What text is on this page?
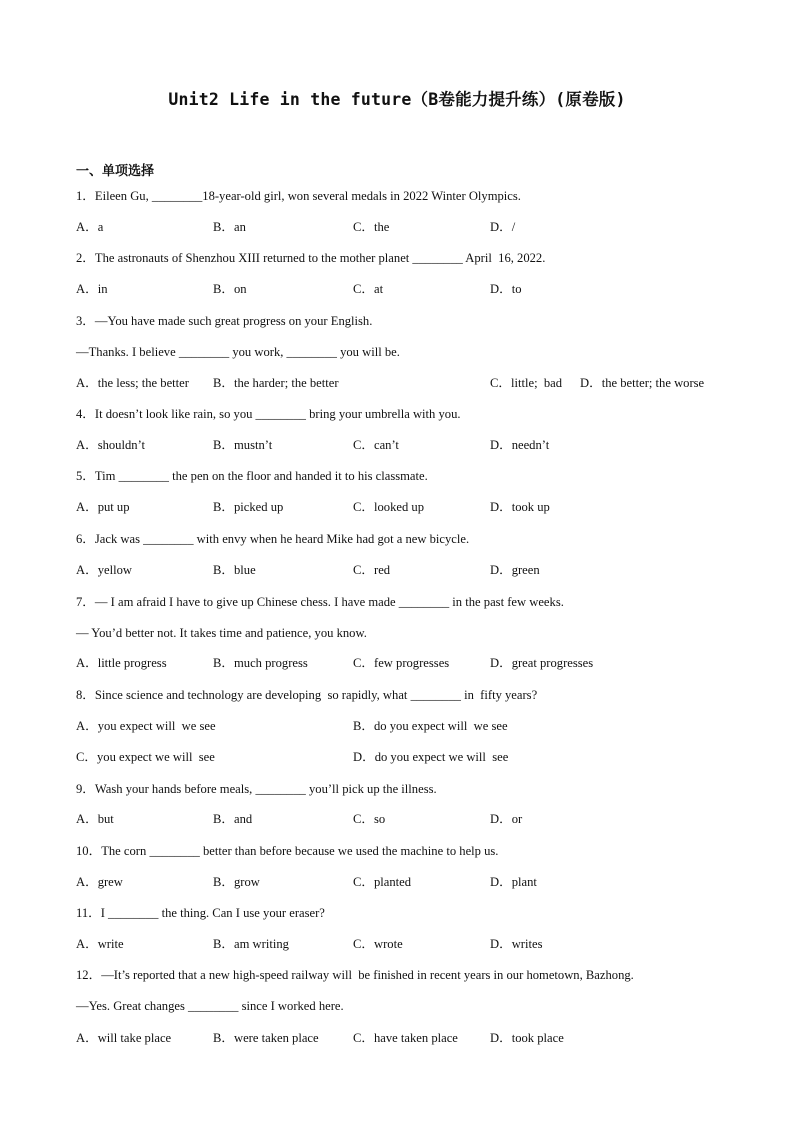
Unit2 Life in the future（B卷能力提升练）(原卷版)
一、单项选择
1．Eileen Gu, ________18-year-old girl, won several medals in 2022 Winter Olympics.
A．a	B．an	C．the	D．/
2．The astronauts of Shenzhou XIII returned to the mother planet ________ April  16, 2022.
A．in	B．on	C．at	D．to
3．—You have made such great progress on your English.
—Thanks. I believe ________ you work, ________ you will be.
A．the less; the better B．the harder; the better	C．little;  bad D．the better; the worse
4．It doesn’t look like rain, so you ________ bring your umbrella with you.
A．shouldn’t	B．mustn’t	C．can’t	D．needn’t
5．Tim ________ the pen on the floor and handed it to his classmate.
A．put up	B．picked up	C．looked up	D．took up
6．Jack was ________ with envy when he heard Mike had got a new bicycle.
A．yellow	B．blue	C．red	D．green
7．— I am afraid I have to give up Chinese chess. I have made ________ in the past few weeks.
— You’d better not. It takes time and patience, you know.
A．little progress	B．much progress	C．few progresses	D．great progresses
8．Since science and technology are developing  so rapidly, what ________ in  fifty years?
A．you expect will  we see	B．do you expect will  we see
C．you expect we will  see	D．do you expect we will  see
9．Wash your hands before meals, ________ you’ll pick up the illness.
A．but	B．and	C．so	D．or
10．The corn ________ better than before because we used the machine to help us.
A．grew	B．grow	C．planted	D．plant
11．I ________ the thing. Can I use your eraser?
A．write	B．am writing	C．wrote	D．writes
12．—It’s reported that a new high-speed railway will  be finished in recent years in our hometown, Bazhong.
—Yes. Great changes ________ since I worked here.
A．will take place	B．were taken place	C．have taken place	D．took place
